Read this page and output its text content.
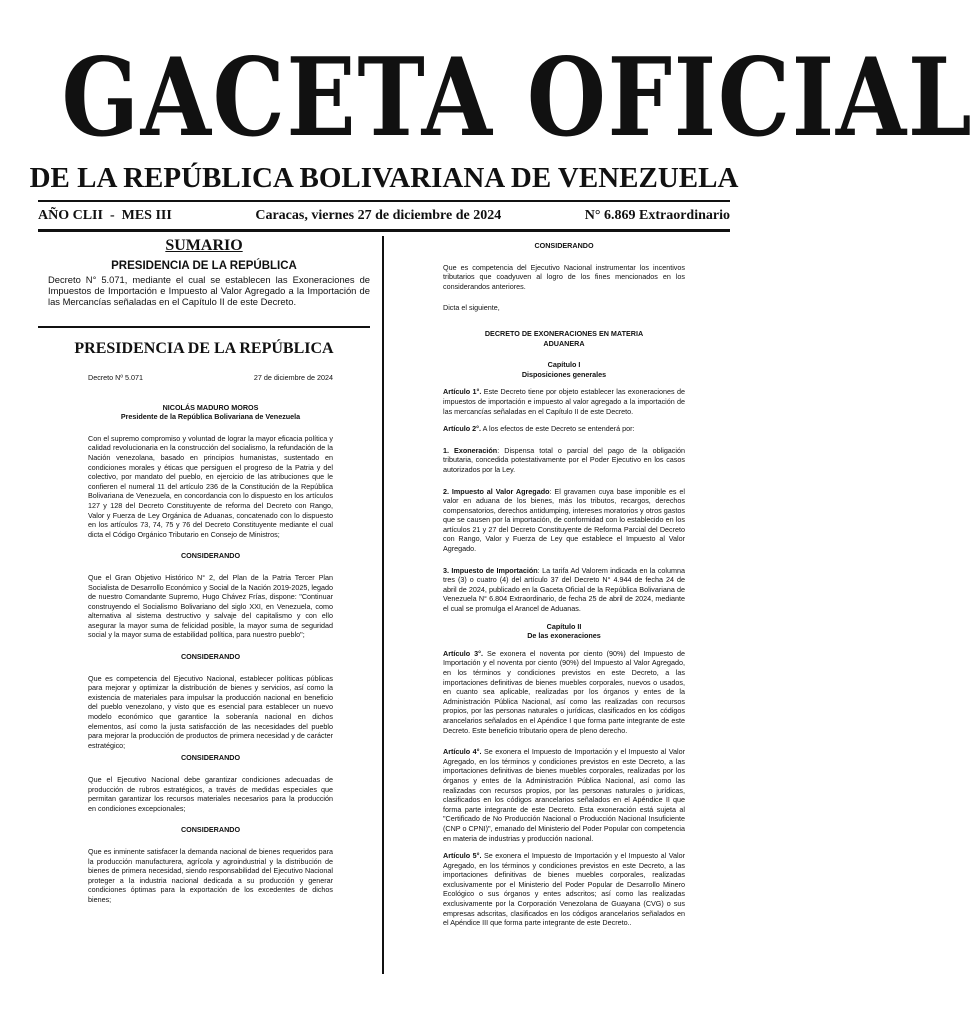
GACETA OFICIAL
DE LA REPÚBLICA BOLIVARIANA DE VENEZUELA
AÑO CLII  -  MES III	Caracas, viernes 27 de diciembre de 2024	N° 6.869 Extraordinario
SUMARIO
PRESIDENCIA DE LA REPÚBLICA
Decreto N° 5.071, mediante el cual se establecen las Exoneraciones de Impuestos de Importación e Impuesto al Valor Agregado a la Importación de las Mercancías señaladas en el Capítulo II de este Decreto.
PRESIDENCIA DE LA REPÚBLICA
Decreto Nº 5.071	27 de diciembre de 2024
NICOLÁS MADURO MOROS
Presidente de la República Bolivariana de Venezuela
Con el supremo compromiso y voluntad de lograr la mayor eficacia política y calidad revolucionaria en la construcción del socialismo, la refundación de la Nación venezolana, basado en principios humanistas, sustentado en condiciones morales y éticas que persiguen el progreso de la Patria y del colectivo, por mandato del pueblo, en ejercicio de las atribuciones que le confieren el numeral 11 del artículo 236 de la Constitución de la República Bolivariana de Venezuela, en concordancia con lo dispuesto en los artículos 127 y 128 del Decreto Constituyente de reforma del Decreto con Rango, Valor y Fuerza de Ley Orgánica de Aduanas, concatenado con lo dispuesto en los artículos 73, 74, 75 y 76 del Decreto Constituyente mediante el cual dicta el Código Orgánico Tributario en Consejo de Ministros;
CONSIDERANDO
Que el Gran Objetivo Histórico N° 2, del Plan de la Patria Tercer Plan Socialista de Desarrollo Económico y Social de la Nación 2019-2025, legado de nuestro Comandante Supremo, Hugo Chávez Frías, dispone: "Continuar construyendo el Socialismo Bolivariano del siglo XXI, en Venezuela, como alternativa al sistema destructivo y salvaje del capitalismo y con ello asegurar la mayor suma de felicidad posible, la mayor suma de seguridad social y la mayor suma de estabilidad política, para nuestro pueblo";
CONSIDERANDO
Que es competencia del Ejecutivo Nacional, establecer políticas públicas para mejorar y optimizar la distribución de bienes y servicios, así como la existencia de materiales para impulsar la producción nacional en beneficio del pueblo venezolano, y visto que es esencial para establecer un nuevo modelo económico que garantice la soberanía nacional en dichos elementos, así como la justa satisfacción de las necesidades del pueblo para mejorar la producción de productos de primera necesidad y de carácter estratégico;
CONSIDERANDO
Que el Ejecutivo Nacional debe garantizar condiciones adecuadas de producción de rubros estratégicos, a través de medidas especiales que permitan garantizar los recursos materiales necesarios para la producción en condiciones excepcionales;
CONSIDERANDO
Que es inminente satisfacer la demanda nacional de bienes requeridos para la producción manufacturera, agrícola y agroindustrial y la distribución de bienes de primera necesidad, siendo responsabilidad del Ejecutivo Nacional proteger a la industria nacional dedicada a su producción y generar condiciones óptimas para la exportación de los excedentes de dichos bienes;
CONSIDERANDO
Que es competencia del Ejecutivo Nacional instrumentar los incentivos tributarios que coadyuven al logro de los fines mencionados en los considerandos anteriores.
Dicta el siguiente,
DECRETO DE EXONERACIONES EN MATERIA ADUANERA
Capítulo I
Disposiciones generales
Artículo 1°. Este Decreto tiene por objeto establecer las exoneraciones de impuestos de importación e impuesto al valor agregado a la importación de las mercancías señaladas en el Capítulo II de este Decreto.
Artículo 2°. A los efectos de este Decreto se entenderá por:
1. Exoneración: Dispensa total o parcial del pago de la obligación tributaria, concedida potestativamente por el Poder Ejecutivo en los casos autorizados por la Ley.
2. Impuesto al Valor Agregado: El gravamen cuya base imponible es el valor en aduana de los bienes, más los tributos, recargos, derechos compensatorios, derechos antidumping, intereses moratorios y otros gastos que se causen por la importación, de conformidad con lo establecido en los artículos 21 y 27 del Decreto Constituyente de Reforma Parcial del Decreto con Rango, Valor y Fuerza de Ley que establece el Impuesto al Valor Agregado.
3. Impuesto de Importación: La tarifa Ad Valorem indicada en la columna tres (3) o cuatro (4) del artículo 37 del Decreto N° 4.944 de fecha 24 de abril de 2024, publicado en la Gaceta Oficial de la República Bolivariana de Venezuela N° 6.804 Extraordinario, de fecha 25 de abril de 2024, mediante el cual se promulga el Arancel de Aduanas.
Capítulo II
De las exoneraciones
Artículo 3°. Se exonera el noventa por ciento (90%) del Impuesto de Importación y el noventa por ciento (90%) del Impuesto al Valor Agregado, en los términos y condiciones previstos en este Decreto, a las importaciones definitivas de bienes muebles corporales, nuevos o usados, en cuanto sea aplicable, realizadas por los órganos y entes de la Administración Pública Nacional, así como las realizadas con recursos propios, por las personas naturales o jurídicas, clasificados en los códigos arancelarios señalados en el Apéndice I que forma parte integrante de este Decreto. Este beneficio tributario opera de pleno derecho.
Artículo 4°. Se exonera el Impuesto de Importación y el Impuesto al Valor Agregado, en los términos y condiciones previstos en este Decreto, a las importaciones definitivas de bienes muebles corporales, realizadas por los órganos y entes de la Administración Pública Nacional, así como las realizadas con recursos propios, por las personas naturales o jurídicas, clasificados en los códigos arancelarios señalados en el Apéndice II que forma parte integrante de este Decreto. Esta exoneración está sujeta al "Certificado de No Producción Nacional o Producción Nacional Insuficiente (CNP o CPNI)", emanado del Ministerio del Poder Popular con competencia en materia de industrias y producción nacional.
Artículo 5°. Se exonera el Impuesto de Importación y el Impuesto al Valor Agregado, en los términos y condiciones previstos en este Decreto, a las importaciones definitivas de bienes muebles corporales, realizadas exclusivamente por el Ministerio del Poder Popular de Desarrollo Minero Ecológico o sus órganos y entes adscritos; así como las realizadas exclusivamente por la Corporación Venezolana de Guayana (CVG) o sus empresas adscritas, clasificados en los códigos arancelarios señalados en el Apéndice III que forma parte integrante de este Decreto..
